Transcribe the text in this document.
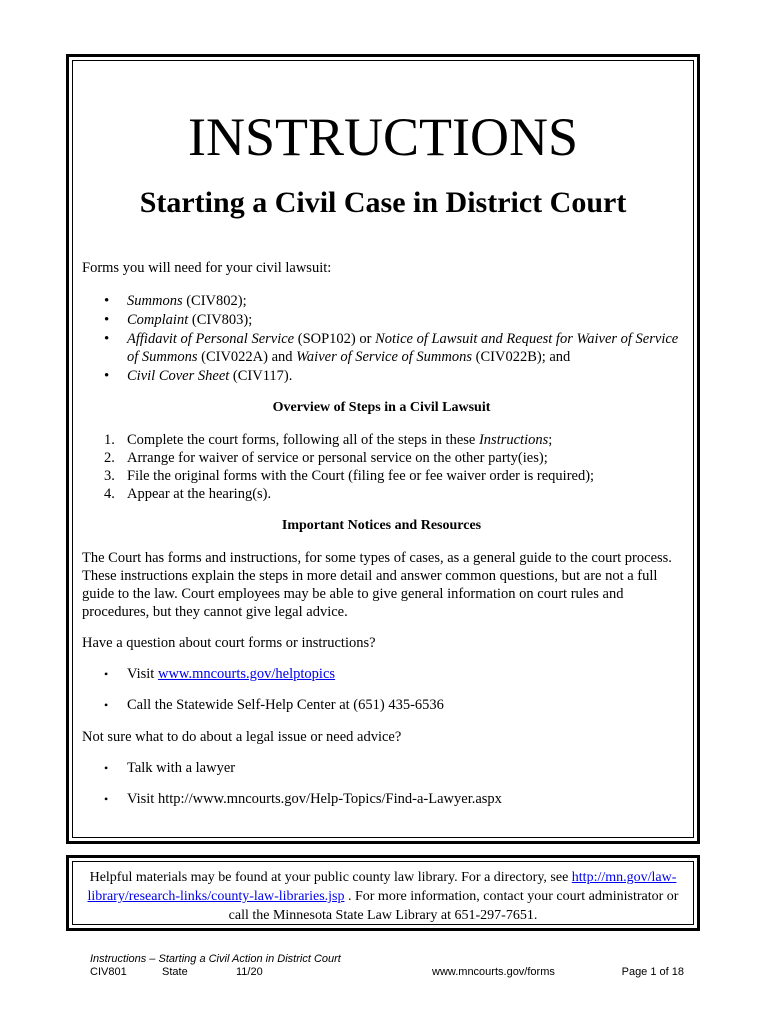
INSTRUCTIONS
Starting a Civil Case in District Court

Forms you will need for your civil lawsuit:

• Summons (CIV802);
• Complaint (CIV803);
• Affidavit of Personal Service (SOP102) or Notice of Lawsuit and Request for Waiver of Service of Summons (CIV022A) and Waiver of Service of Summons (CIV022B); and
• Civil Cover Sheet (CIV117).
Overview of Steps in a Civil Lawsuit
1. Complete the court forms, following all of the steps in these Instructions;
2. Arrange for waiver of service or personal service on the other party(ies);
3. File the original forms with the Court (filing fee or fee waiver order is required);
4. Appear at the hearing(s).
Important Notices and Resources

The Court has forms and instructions, for some types of cases, as a general guide to the court process. These instructions explain the steps in more detail and answer common questions, but are not a full guide to the law. Court employees may be able to give general information on court rules and procedures, but they cannot give legal advice.

Have a question about court forms or instructions?

• Visit www.mncourts.gov/helptopics
• Call the Statewide Self-Help Center at (651) 435-6536

Not sure what to do about a legal issue or need advice?

• Talk with a lawyer
• Visit http://www.mncourts.gov/Help-Topics/Find-a-Lawyer.aspx
Helpful materials may be found at your public county law library. For a directory, see http://mn.gov/law-library/research-links/county-law-libraries.jsp . For more information, contact your court administrator or call the Minnesota State Law Library at 651-297-7651.
Instructions – Starting a Civil Action in District Court
CIV801	State	11/20	www.mncourts.gov/forms	Page 1 of 18
